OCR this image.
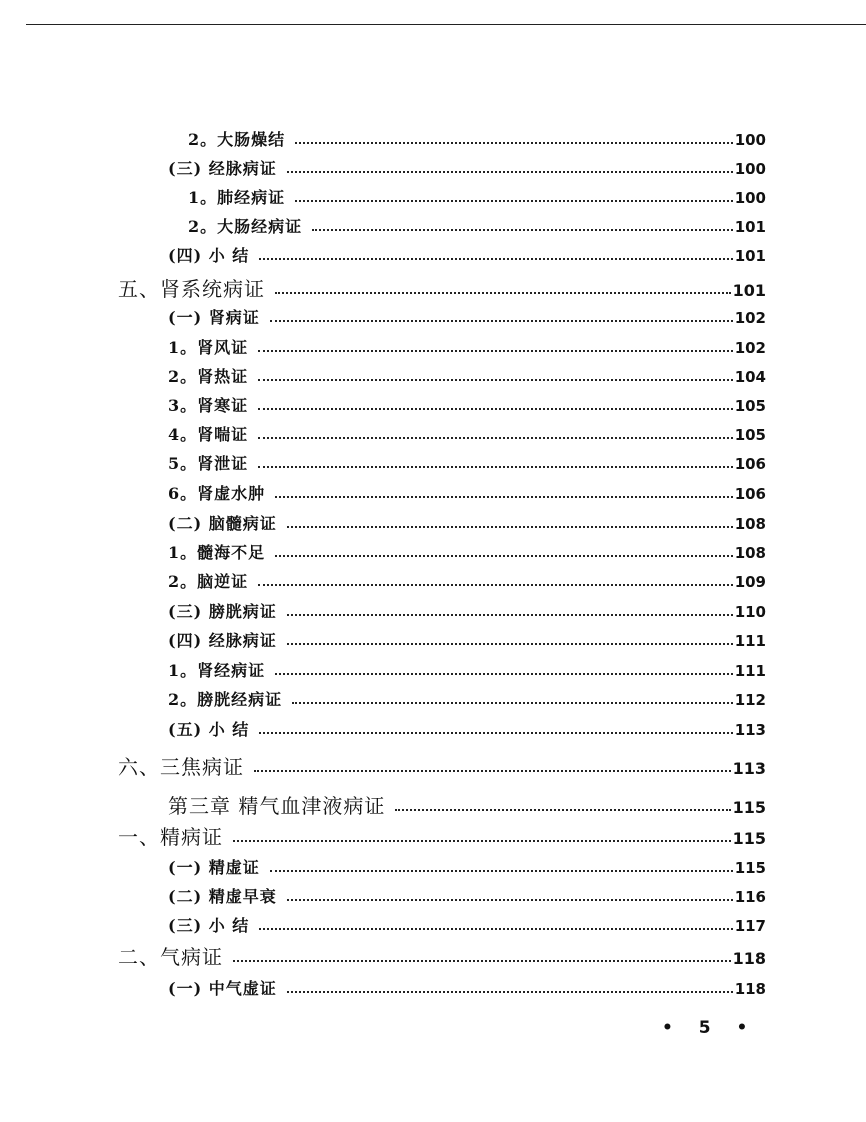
2。大肠燥结	100
(三) 经脉病证	100
1。肺经病证	100
2。大肠经病证	101
(四) 小 结	101
五、肾系统病证	101
(一) 肾病证	102
1。肾风证	102
2。肾热证	104
3。肾寒证	105
4。肾喘证	105
5。肾泄证	106
6。肾虚水肿	106
(二) 脑髓病证	108
1。髓海不足	108
2。脑逆证	109
(三) 膀胱病证	110
(四) 经脉病证	111
1。肾经病证	111
2。膀胱经病证	112
(五) 小 结	113
六、三焦病证	113
第三章 精气血津液病证	115
一、精病证	115
(一) 精虚证	115
(二) 精虚早衰	116
(三) 小 结	117
二、气病证	118
(一) 中气虚证	118
• 5 •
